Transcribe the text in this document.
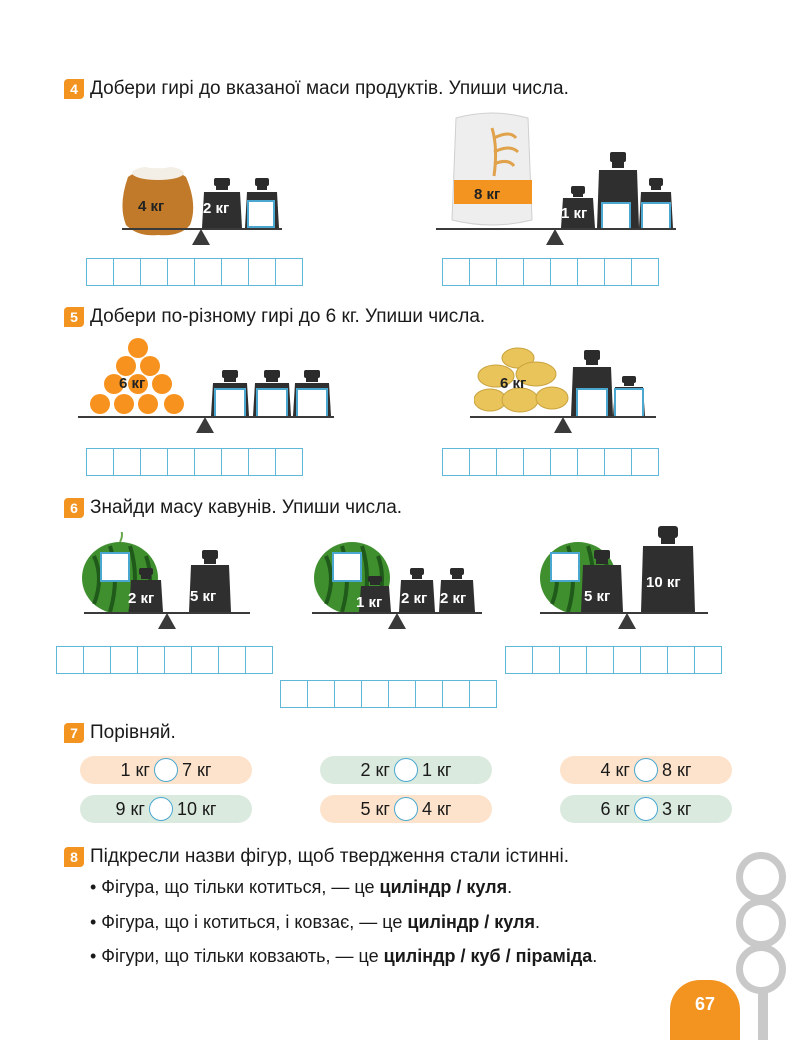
4 Добери гирі до вказаної маси продуктів. Упиши числа.
4 кг	2 кг
8 кг
1 кг
5 Добери по-різному гирі до 6 кг. Упиши числа.
6 кг	6 кг
6 Знайди масу кавунів. Упиши числа.
2 кг 5 кг	1 кг 2 кг 2 кг	5 кг
10 кг
7 Порівняй.
1 кг 7 кг	2 кг 1 кг	4 кг 8 кг
9 кг 10 кг	5 кг 4 кг	6 кг 3 кг
8 Підкресли назви фігур, щоб твердження стали істинні.
• Фігура, що тільки котиться, — це циліндр / куля.
• Фігура, що і котиться, і ковзає, — це циліндр / куля.
• Фігури, що тільки ковзають, — це циліндр / куб / піраміда.
67
